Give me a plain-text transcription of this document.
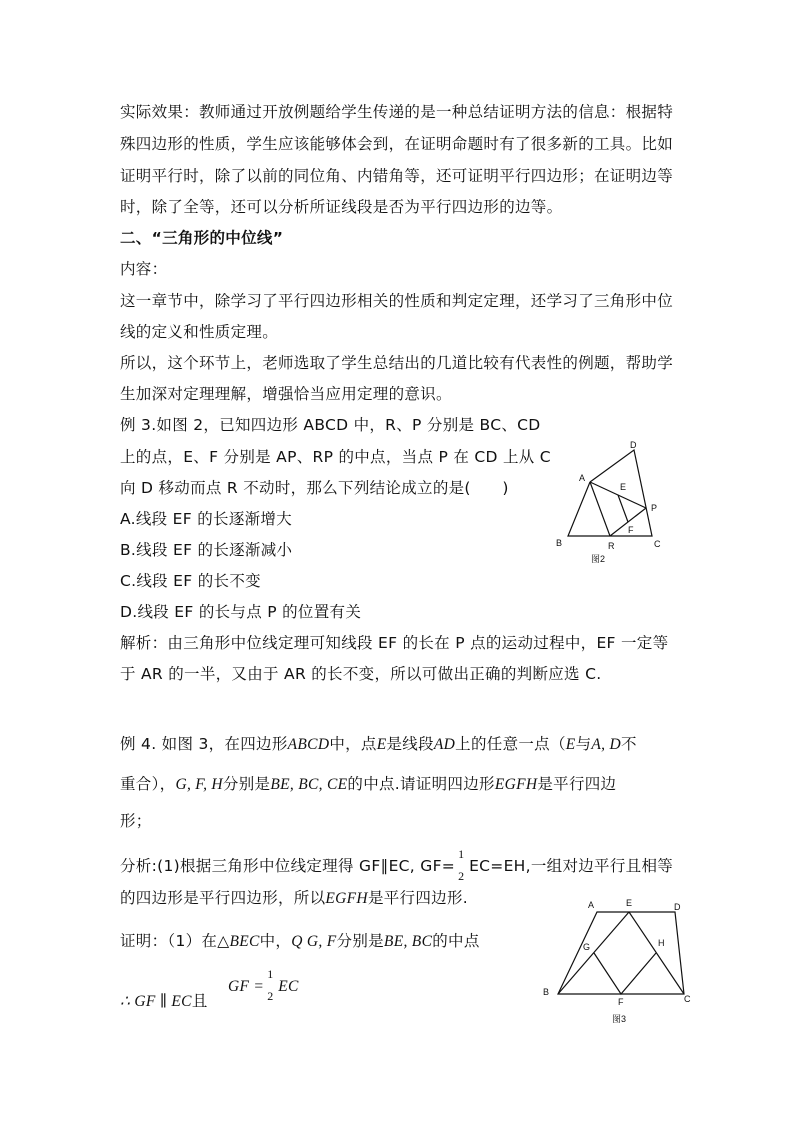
实际效果：教师通过开放例题给学生传递的是一种总结证明方法的信息：根据特
殊四边形的性质，学生应该能够体会到，在证明命题时有了很多新的工具。比如
证明平行时，除了以前的同位角、内错角等，还可证明平行四边形；在证明边等
时，除了全等，还可以分析所证线段是否为平行四边形的边等。
二、“三角形的中位线”
内容：
这一章节中，除学习了平行四边形相关的性质和判定定理，还学习了三角形中位
线的定义和性质定理。
所以，这个环节上，老师选取了学生总结出的几道比较有代表性的例题，帮助学
生加深对定理理解，增强恰当应用定理的意识。
例 3.如图 2，已知四边形 ABCD 中，R、P 分别是 BC、CD
上的点，E、F 分别是 AP、RP 的中点，当点 P 在 CD 上从 C
向 D 移动而点 R 不动时，那么下列结论成立的是(　　)
A.线段 EF 的长逐渐增大
B.线段 EF 的长逐渐减小
C.线段 EF 的长不变
D.线段 EF 的长与点 P 的位置有关
解析：由三角形中位线定理可知线段 EF 的长在 P 点的运动过程中，EF 一定等
于 AR 的一半，又由于 AR 的长不变，所以可做出正确的判断应选 C.
D
A
E
P
F
B	R	C
图2
例 4. 如图 3，在四边形ABCD中，点E是线段AD上的任意一点（E与A, D不
重合），G, F, H分别是BE, BC, CE的中点.请证明四边形EGFH是平行四边
形；
分析:(1)根据三角形中位线定理得 GF∥EC, GF=
1
2
EC=EH,一组对边平行且相等
的四边形是平行四边形，所以EGFH是平行四边形.
证明：（1）在△BEC中，Q G, F分别是BE, BC的中点
∴ GF ∥ EC且
GF =
1
2
EC
A	E	D
G	H
B
F	C
图3
